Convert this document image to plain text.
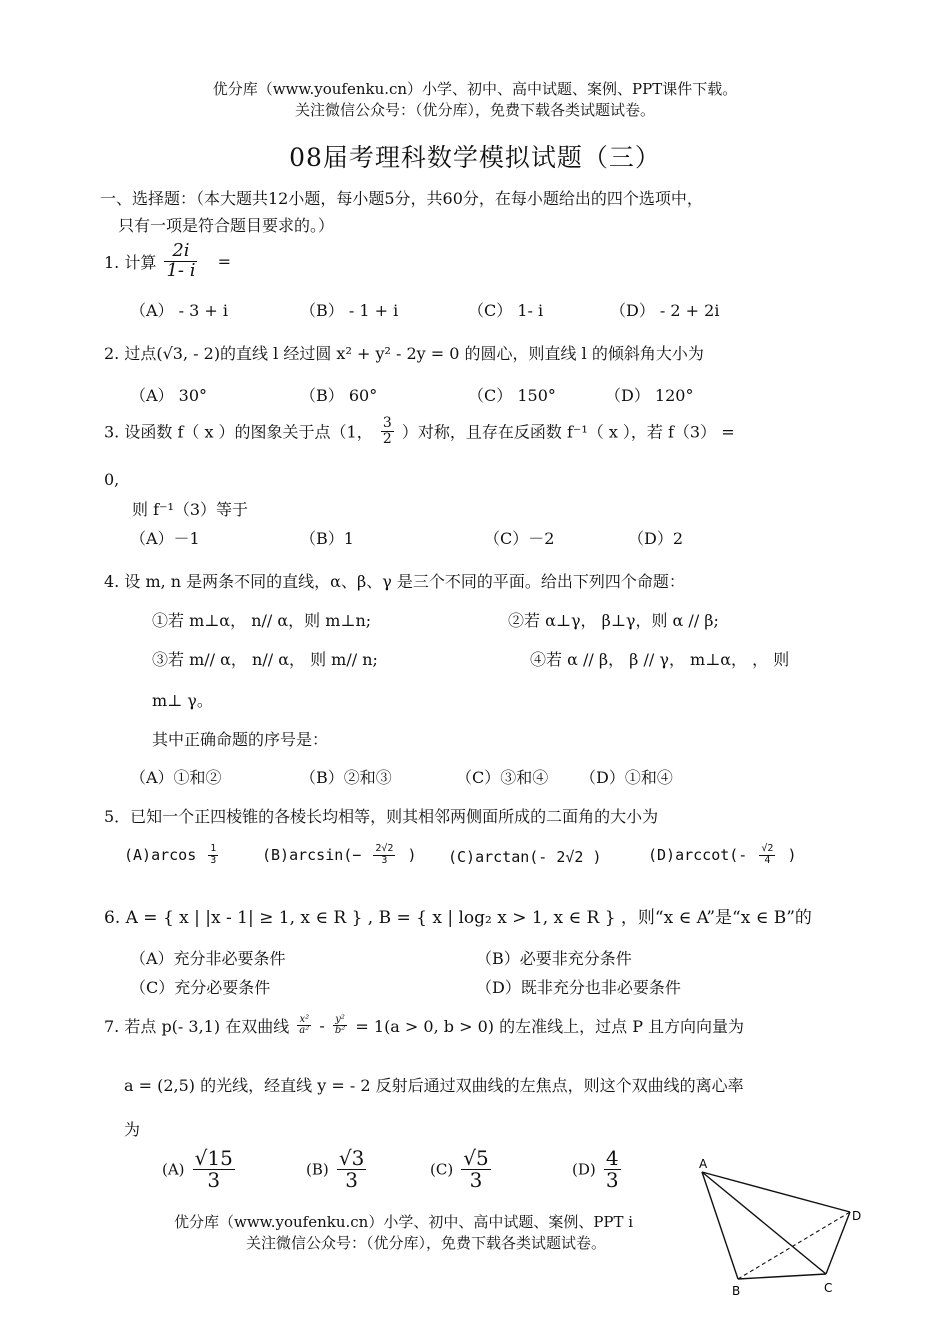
优分库（www.youfenku.cn）小学、初中、高中试题、案例、PPT课件下载。
关注微信公众号：（优分库），免费下载各类试题试卷。
08届考理科数学模拟试题（三）
一、选择题：（本大题共12小题，每小题5分，共60分，在每小题给出的四个选项中，
只有一项是符合题目要求的。）
1. 计算 $\frac{2i}{1- i}$ =
（A） - 3 + i	（B） - 1 + i	（C） 1- i	（D） - 2 + 2i
2. 过点(√3, - 2)的直线 l 经过圆 x² + y² - 2y = 0 的圆心，则直线 l 的倾斜角大小为
（A） 30°	（B） 60°	（C） 150°	（D） 120°
3. 设函数 f（ x ）的图象关于点（1， $\frac{3}{2}$ ）对称，且存在反函数 f⁻¹（ x ），若 f（3） =
0,
则 f⁻¹（3）等于
（A）－1	（B）1	（C）－2	（D）2
4. 设 m, n 是两条不同的直线，α、β、γ 是三个不同的平面。给出下列四个命题：
①若 m⊥α， n// α，则 m⊥n;	②若 α⊥γ， β⊥γ，则 α // β;
③若 m// α， n// α， 则 m// n;	④若 α // β， β // γ， m⊥α， ， 则
m⊥ γ。
其中正确命题的序号是：
（A）①和②	（B）②和③	（C）③和④ （D）①和④
5．已知一个正四棱锥的各棱长均相等，则其相邻两侧面所成的二面角的大小为
$(A)arcos \frac{1}{3}$	$(B)\arcsin(- \frac{2√2}{3}$ ) (C)arctan(- 2√2 )	$(D)arccot(- \frac{√2}{4}$ )
6. A = { x | |x - 1| ≥ 1, x ∈ R } , B = { x | log₂ x > 1, x ∈ R } ，则“x ∈ A”是“x ∈ B”的
（A）充分非必要条件	（B）必要非充分条件
（C）充分必要条件	（D）既非充分也非必要条件
7. 若点 p(- 3,1) 在双曲线 $\frac{\text{x²}}{\text{a²}} - \frac{\text{y²}}{\text{b²}} = 1(a > 0$, b > 0) 的左准线上，过点 P 且方向向量为
a = (2,5) 的光线，经直线 y = - 2 反射后通过双曲线的左焦点，则这个双曲线的离心率
为
$(A) \frac{√15}{3}$	$(B) \frac{√3}{3}$	$(C) \frac{√5}{3}$	$(D) \frac{4}{3}$
优分库（www.youfenku.cn）小学、初中、高中试题、案例、PPT i
关注微信公众号：（优分库），免费下载各类试题试卷。
A
B	C
D
